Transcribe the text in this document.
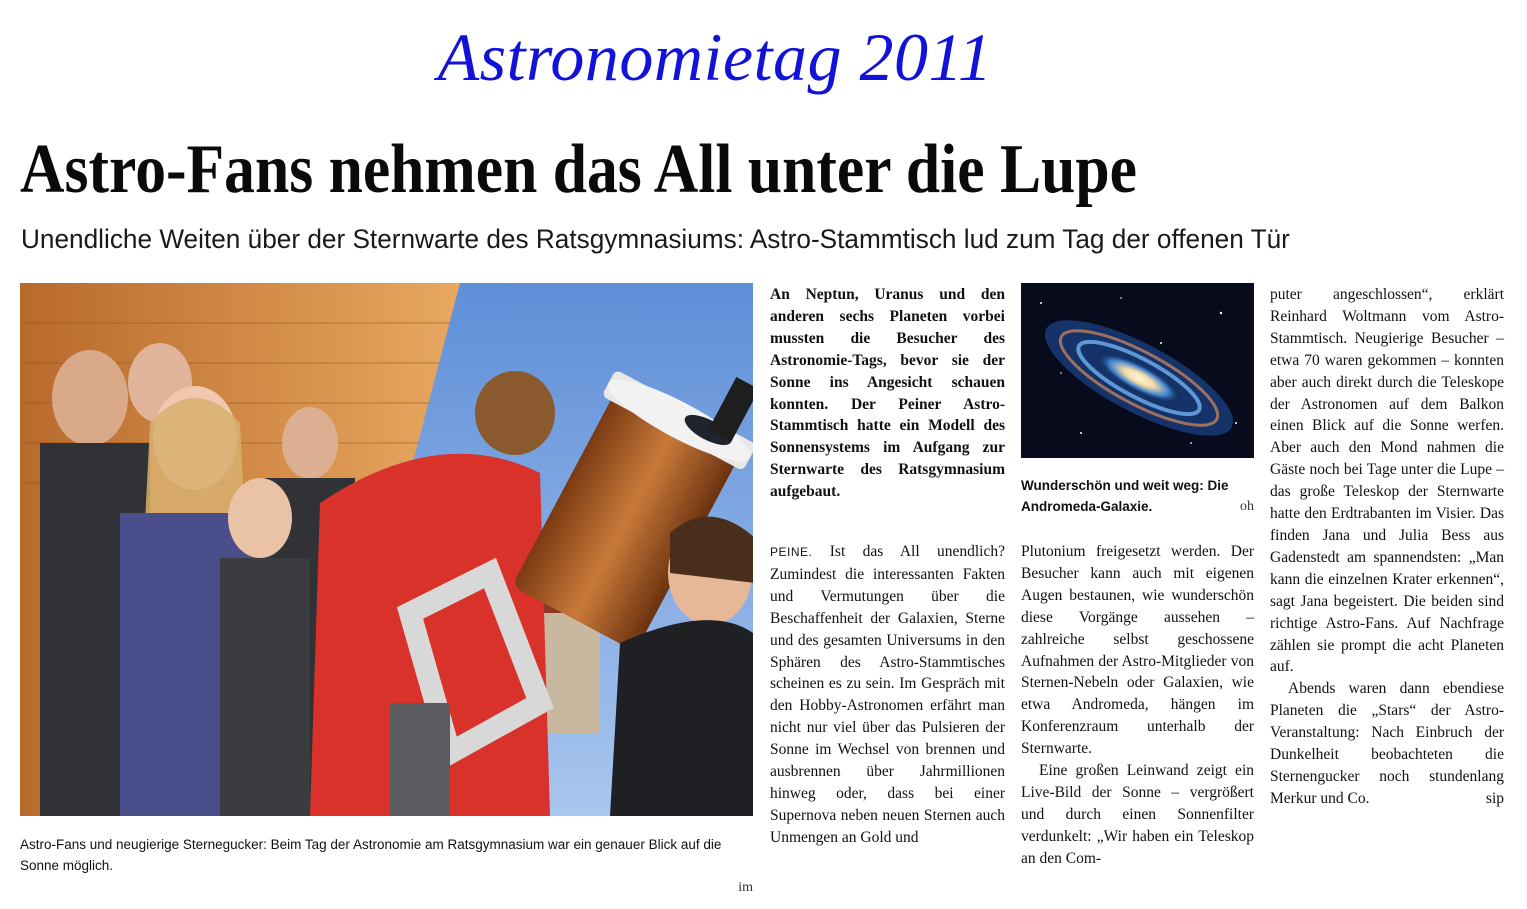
Astronomietag 2011
Astro-Fans nehmen das All unter die Lupe
Unendliche Weiten über der Sternwarte des Ratsgymnasiums: Astro-Stammtisch lud zum Tag der offenen Tür
Astro-Fans und neugierige Sternegucker: Beim Tag der Astronomie am Ratsgymnasium war ein genauer Blick auf die Sonne möglich.
im

An Neptun, Uranus und den anderen sechs Planeten vorbei mussten die Besucher des Astronomie-Tags, bevor sie der Sonne ins Angesicht schauen konnten. Der Peiner Astro-Stammtisch hatte ein Modell des Sonnensystems im Aufgang zur Sternwarte des Ratsgymnasium aufgebaut.

PEINE. Ist das All unendlich? Zumindest die interessanten Fakten und Vermutungen über die Beschaffenheit der Galaxien, Sterne und des gesamten Universums in den Sphären des Astro-Stammtisches scheinen es zu sein. Im Gespräch mit den Hobby-Astronomen erfährt man nicht nur viel über das Pulsieren der Sonne im Wechsel von brennen und ausbrennen über Jahrmillionen hinweg oder, dass bei einer Supernova neben neuen Sternen auch Unmengen an Gold und

Wunderschön und weit weg: Die Andromeda-Galaxie.	oh

Plutonium freigesetzt werden. Der Besucher kann auch mit eigenen Augen bestaunen, wie wunderschön diese Vorgänge aussehen – zahlreiche selbst geschossene Aufnahmen der Astro-Mitglieder von Sternen-Nebeln oder Galaxien, wie etwa Andromeda, hängen im Konferenzraum unterhalb der Sternwarte.

Eine großen Leinwand zeigt ein Live-Bild der Sonne – vergrößert und durch einen Sonnenfilter verdunkelt: „Wir haben ein Teleskop an den Com-

puter angeschlossen“, erklärt Reinhard Woltmann vom Astro-Stammtisch. Neugierige Besucher – etwa 70 waren gekommen – konnten aber auch direkt durch die Teleskope der Astronomen auf dem Balkon einen Blick auf die Sonne werfen. Aber auch den Mond nahmen die Gäste noch bei Tage unter die Lupe – das große Teleskop der Sternwarte hatte den Erdtrabanten im Visier. Das finden Jana und Julia Bess aus Gadenstedt am spannendsten: „Man kann die einzelnen Krater erkennen“, sagt Jana begeistert. Die beiden sind richtige Astro-Fans. Auf Nachfrage zählen sie prompt die acht Planeten auf.

Abends waren dann ebendiese Planeten die „Stars“ der Astro-Veranstaltung: Nach Einbruch der Dunkelheit beobachteten die Sternengucker noch stundenlang Merkur und Co.	sip
